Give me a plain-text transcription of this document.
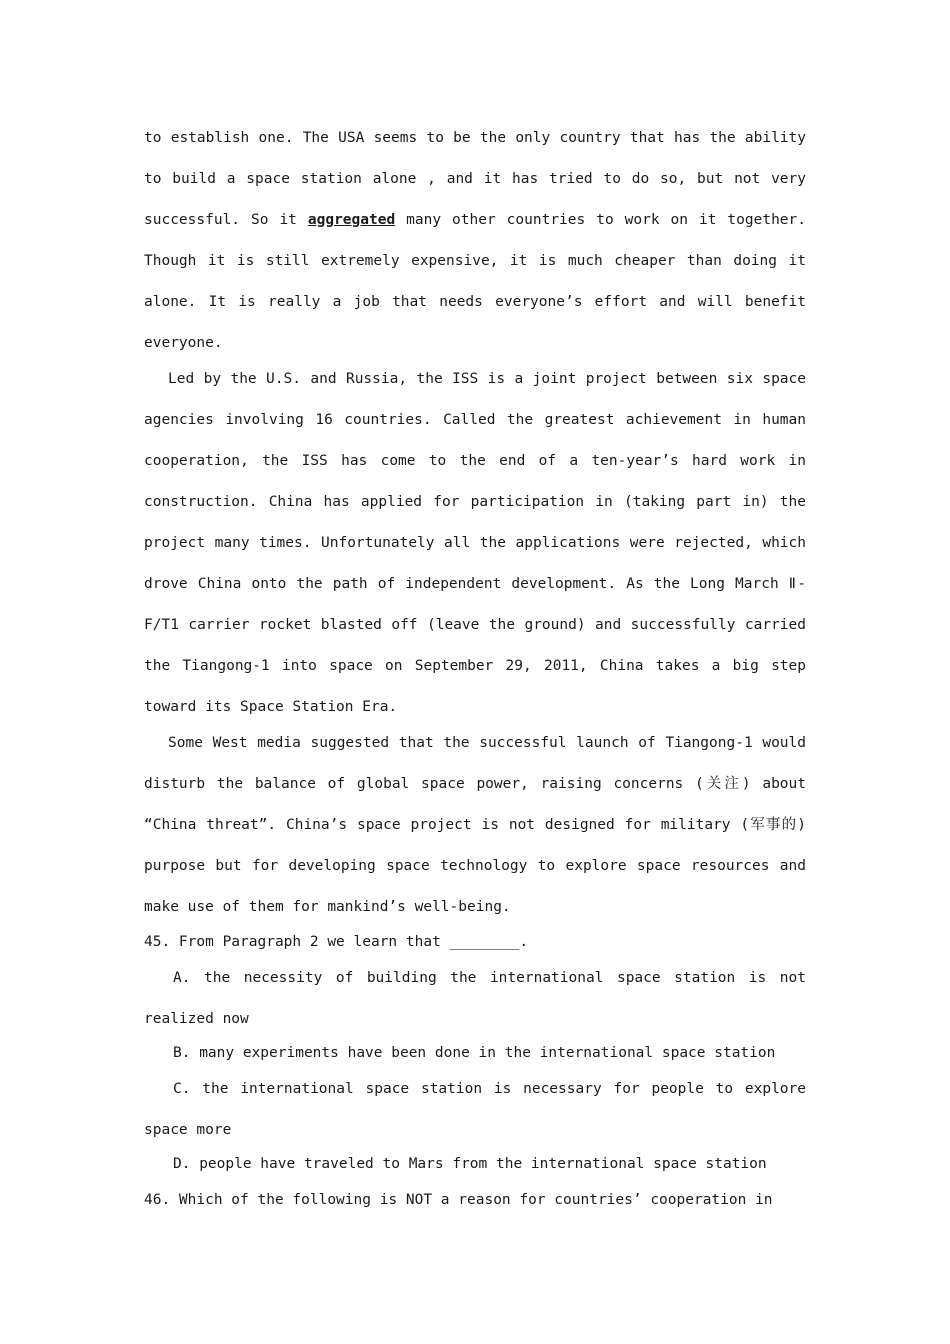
to establish one. The USA seems to be the only country that has the ability to build a space station alone , and it has tried to do so, but not very successful. So it aggregated many other countries to work on it together. Though it is still extremely expensive, it is much cheaper than doing it alone. It is really a job that needs everyone’s effort and will benefit everyone.

Led by the U.S. and Russia, the ISS is a joint project between six space agencies involving 16 countries. Called the greatest achievement in human cooperation, the ISS has come to the end of a ten-year’s hard work in construction. China has applied for participation in (taking part in) the project many times. Unfortunately all the applications were rejected, which drove China onto the path of independent development. As the Long March Ⅱ-F/T1 carrier rocket blasted off (leave the ground) and successfully carried the Tiangong-1 into space on September 29, 2011, China takes a big step toward its Space Station Era.

Some West media suggested that the successful launch of Tiangong-1 would disturb the balance of global space power, raising concerns (关注) about “China threat”. China’s space project is not designed for military (军事的) purpose but for developing space technology to explore space resources and make use of them for mankind’s well-being.

45. From Paragraph 2 we learn that ________.

A. the necessity of building the international space station is not realized now

B. many experiments have been done in the international space station

C. the international space station is necessary for people to explore space more

D. people have traveled to Mars from the international space station

46. Which of the following is NOT a reason for countries’ cooperation in
